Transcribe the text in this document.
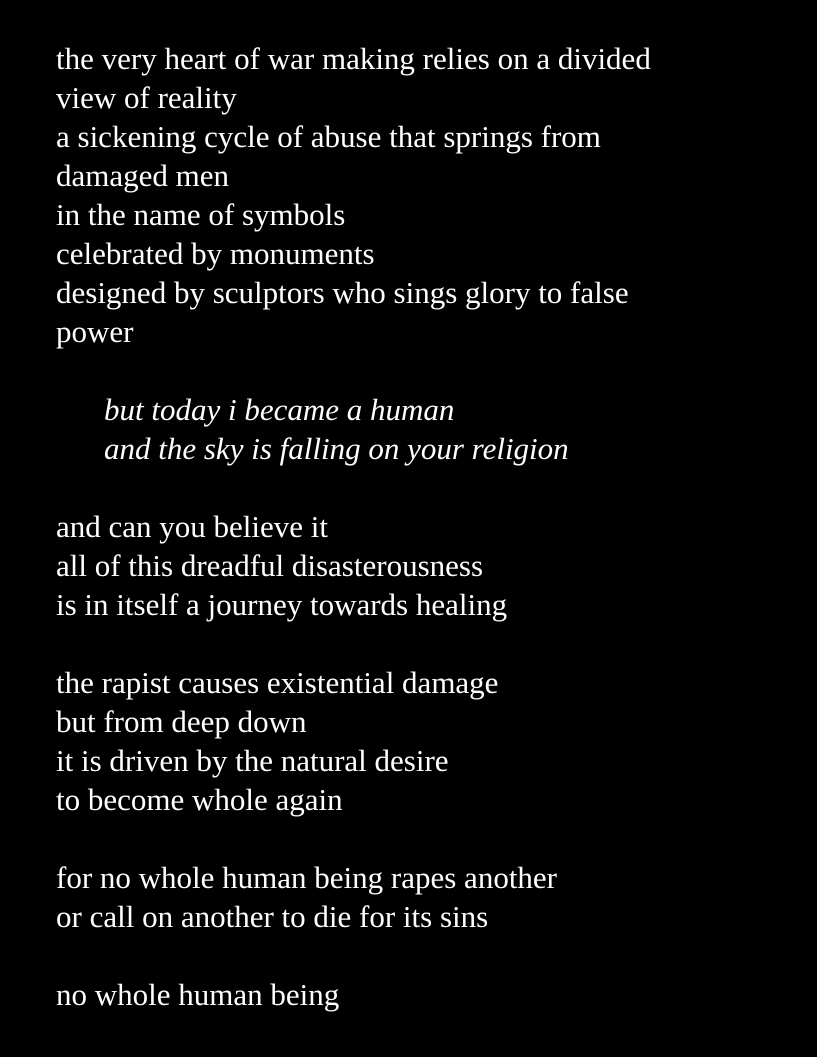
the very heart of war making relies on a divided
view of reality
a sickening cycle of abuse that springs from
damaged men
in the name of symbols
celebrated by monuments
designed by sculptors who sings glory to false
power
but today i became a human
and the sky is falling on your religion
and can you believe it
all of this dreadful disasterousness
is in itself a journey towards healing
the rapist causes existential damage
but from deep down
it is driven by the natural desire
to become whole again
for no whole human being rapes another
or call on another to die for its sins
no whole human being
